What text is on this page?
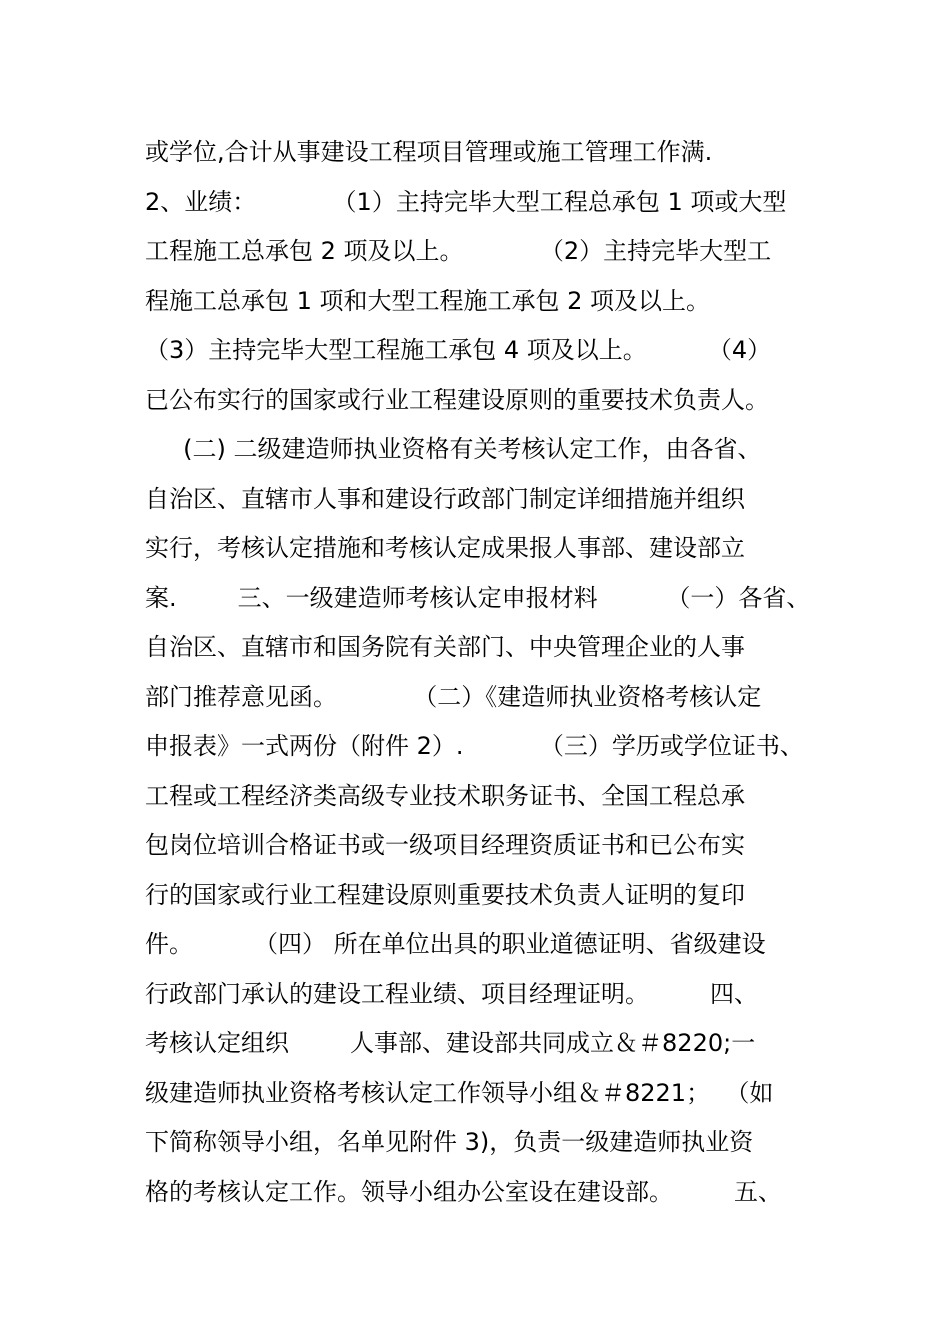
或学位,合计从事建设工程项目管理或施工管理工作满.
2、业绩：          （1）主持完毕大型工程总承包 1 项或大型
工程施工总承包 2 项及以上。          （2）主持完毕大型工
程施工总承包 1 项和大型工程施工承包 2 项及以上。
（3）主持完毕大型工程施工承包 4 项及以上。        （4）
已公布实行的国家或行业工程建设原则的重要技术负责人。
(二) 二级建造师执业资格有关考核认定工作，由各省、
自治区、直辖市人事和建设行政部门制定详细措施并组织
实行，考核认定措施和考核认定成果报人事部、建设部立
案.        三、一级建造师考核认定申报材料         （一）各省、
自治区、直辖市和国务院有关部门、中央管理企业的人事
部门推荐意见函。          （二）《建造师执业资格考核认定
申报表》一式两份（附件 2）.          （三）学历或学位证书、
工程或工程经济类高级专业技术职务证书、全国工程总承
包岗位培训合格证书或一级项目经理资质证书和已公布实
行的国家或行业工程建设原则重要技术负责人证明的复印
件。        （四） 所在单位出具的职业道德证明、省级建设
行政部门承认的建设工程业绩、项目经理证明。        四、
考核认定组织        人事部、建设部共同成立＆＃8220;一
级建造师执业资格考核认定工作领导小组＆＃8221；  （如
下简称领导小组，名单见附件 3)，负责一级建造师执业资
格的考核认定工作。领导小组办公室设在建设部。        五、
